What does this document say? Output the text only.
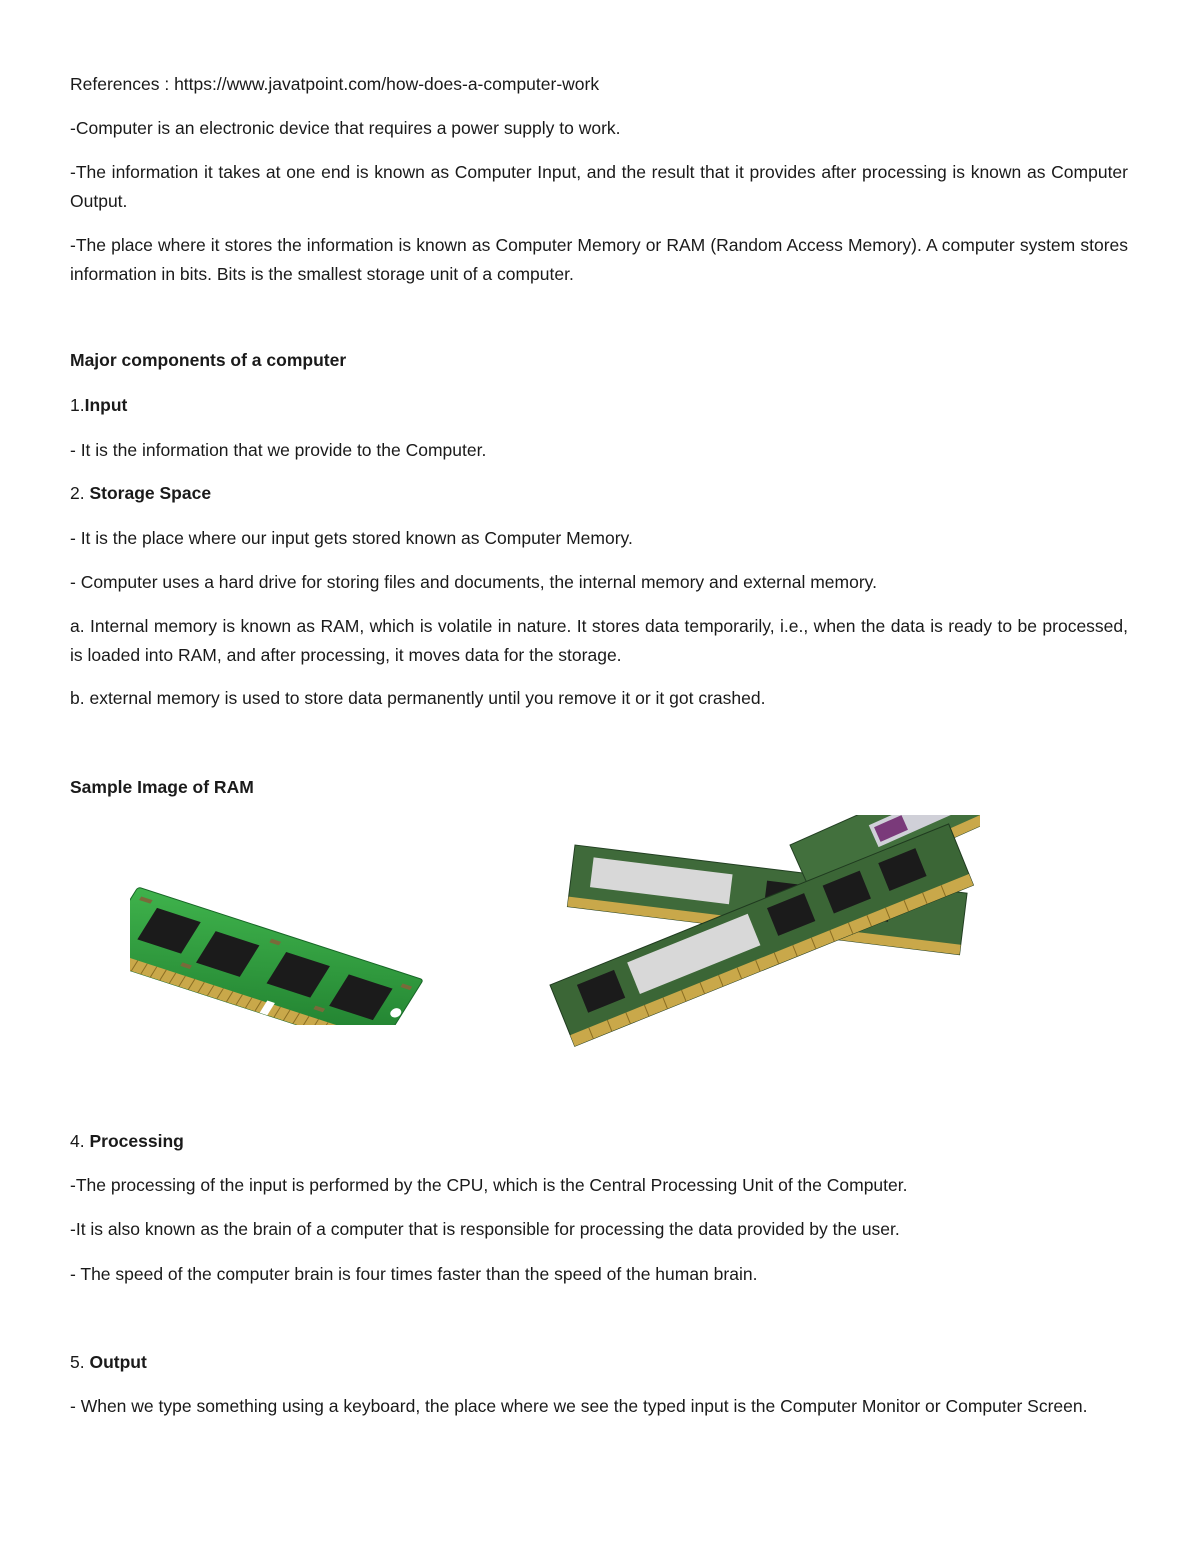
References : https://www.javatpoint.com/how-does-a-computer-work
-Computer is an electronic device that requires a power supply to work.
-The information it takes at one end is known as Computer Input, and the result that it provides after processing is known as Computer Output.
-The place where it stores the information is known as Computer Memory or RAM (Random Access Memory). A computer system stores information in bits. Bits is the smallest storage unit of a computer.
Major components of a computer
1.Input
- It is the information that we provide to the Computer.
2. Storage Space
- It is the place where our input gets stored known as Computer Memory.
- Computer uses a hard drive for storing files and documents, the internal memory and external memory.
a. Internal memory is known as RAM, which is volatile in nature. It stores data temporarily, i.e., when the data is ready to be processed, is loaded into RAM, and after processing, it moves data for the storage.
b. external memory is used to store data permanently until you remove it or it got crashed.
Sample Image of RAM
4. Processing
-The processing of the input is performed by the CPU, which is the Central Processing Unit of the Computer.
-It is also known as the brain of a computer that is responsible for processing the data provided by the user.
- The speed of the computer brain is four times faster than the speed of the human brain.
5. Output
- When we type something using a keyboard, the place where we see the typed input is the Computer Monitor or Computer Screen.
